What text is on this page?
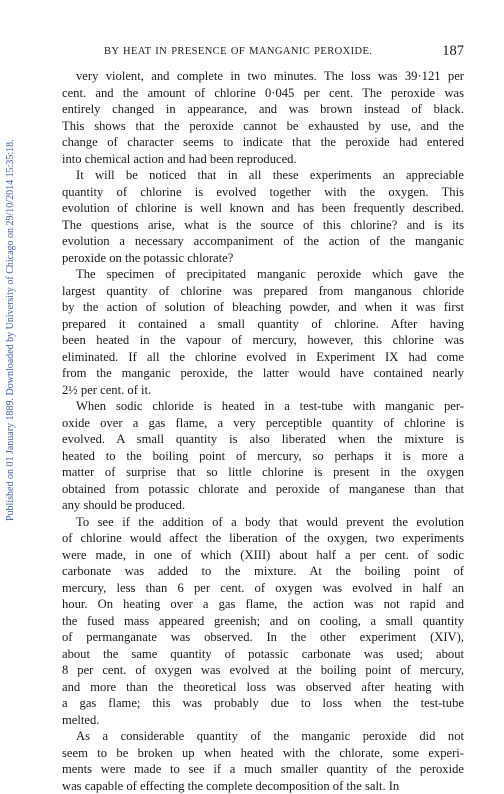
Published on 01 January 1889. Downloaded by University of Chicago on 29/10/2014 15:35:18.
BY HEAT IN PRESENCE OF MANGANIC PEROXIDE.	187

very violent, and complete in two minutes. The loss was 39·121 per
cent. and the amount of chlorine 0·045 per cent. The peroxide was
entirely changed in appearance, and was brown instead of black.
This shows that the peroxide cannot be exhausted by use, and the
change of character seems to indicate that the peroxide had entered
into chemical action and had been reproduced.

It will be noticed that in all these experiments an appreciable
quantity of chlorine is evolved together with the oxygen. This
evolution of chlorine is well known and has been frequently described.
The questions arise, what is the source of this chlorine? and is its
evolution a necessary accompaniment of the action of the manganic
peroxide on the potassic chlorate?

The specimen of precipitated manganic peroxide which gave the
largest quantity of chlorine was prepared from manganous chloride
by the action of solution of bleaching powder, and when it was first
prepared it contained a small quantity of chlorine. After having
been heated in the vapour of mercury, however, this chlorine was
eliminated. If all the chlorine evolved in Experiment IX had come
from the manganic peroxide, the latter would have contained nearly
2½ per cent. of it.

When sodic chloride is heated in a test-tube with manganic per-
oxide over a gas flame, a very perceptible quantity of chlorine is
evolved. A small quantity is also liberated when the mixture is
heated to the boiling point of mercury, so perhaps it is more a
matter of surprise that so little chlorine is present in the oxygen
obtained from potassic chlorate and peroxide of manganese than that
any should be produced.

To see if the addition of a body that would prevent the evolution
of chlorine would affect the liberation of the oxygen, two experiments
were made, in one of which (XIII) about half a per cent. of sodic
carbonate was added to the mixture. At the boiling point of
mercury, less than 6 per cent. of oxygen was evolved in half an
hour. On heating over a gas flame, the action was not rapid and
the fused mass appeared greenish; and on cooling, a small quantity
of permanganate was observed. In the other experiment (XIV),
about the same quantity of potassic carbonate was used; about
8 per cent. of oxygen was evolved at the boiling point of mercury,
and more than the theoretical loss was observed after heating with
a gas flame; this was probably due to loss when the test-tube
melted.

As a considerable quantity of the manganic peroxide did not
seem to be broken up when heated with the chlorate, some experi-
ments were made to see if a much smaller quantity of the peroxide
was capable of effecting the complete decomposition of the salt. In
